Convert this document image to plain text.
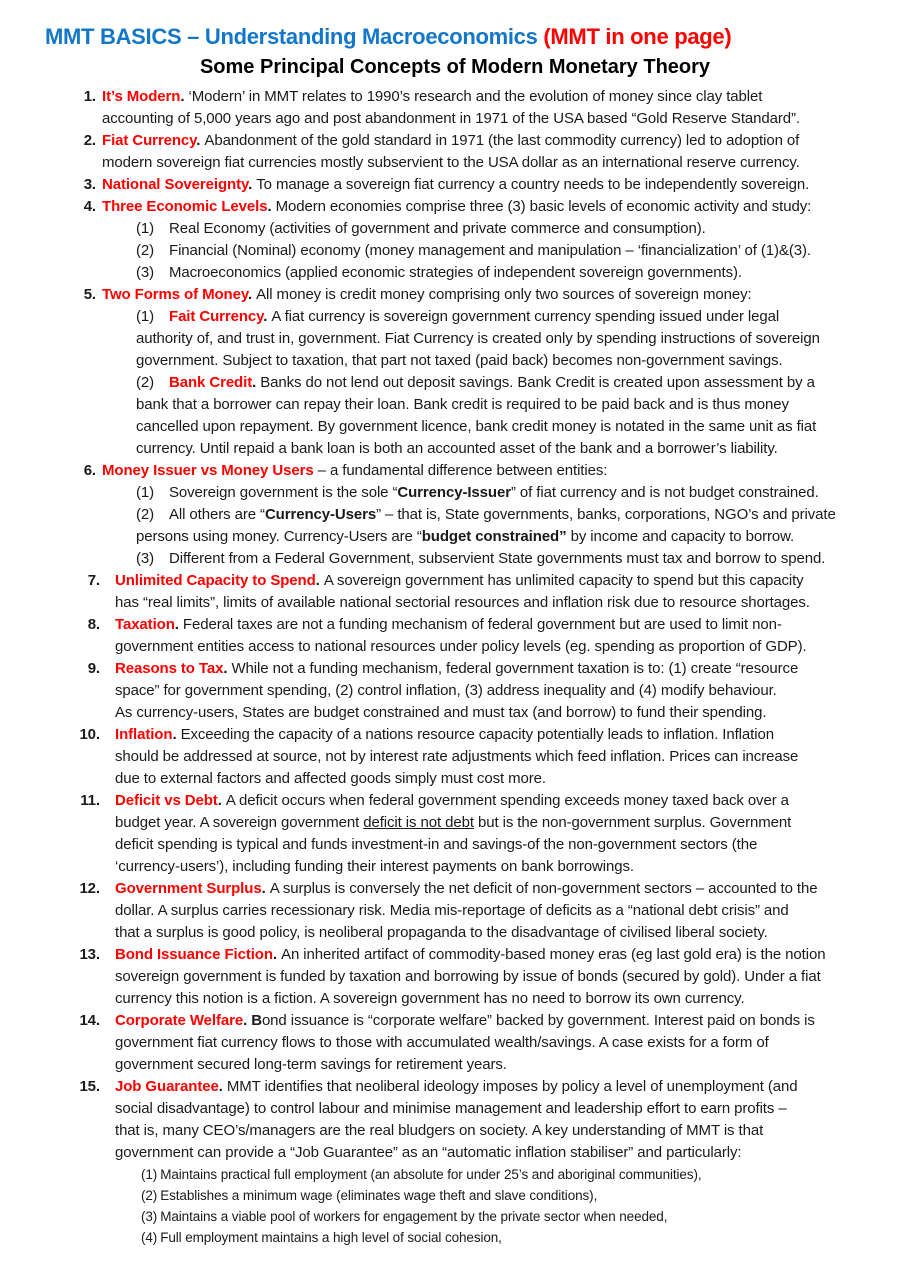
MMT BASICS – Understanding Macroeconomics (MMT in one page)
Some Principal Concepts of Modern Monetary Theory
1. It’s Modern. ‘Modern’ in MMT relates to 1990’s research and the evolution of money since clay tablet
accounting of 5,000 years ago and post abandonment in 1971 of the USA based “Gold Reserve Standard”.
2. Fiat Currency. Abandonment of the gold standard in 1971 (the last commodity currency) led to adoption of
modern sovereign fiat currencies mostly subservient to the USA dollar as an international reserve currency.
3. National Sovereignty. To manage a sovereign fiat currency a country needs to be independently sovereign.
4. Three Economic Levels. Modern economies comprise three (3) basic levels of economic activity and study:
(1) Real Economy (activities of government and private commerce and consumption).
(2) Financial (Nominal) economy (money management and manipulation – ‘financialization’ of (1)&(3).
(3) Macroeconomics (applied economic strategies of independent sovereign governments).
5. Two Forms of Money. All money is credit money comprising only two sources of sovereign money:
(1) Fait Currency. A fiat currency is sovereign government currency spending issued under legal
authority of, and trust in, government. Fiat Currency is created only by spending instructions of sovereign
government. Subject to taxation, that part not taxed (paid back) becomes non-government savings.
(2) Bank Credit. Banks do not lend out deposit savings. Bank Credit is created upon assessment by a
bank that a borrower can repay their loan. Bank credit is required to be paid back and is thus money
cancelled upon repayment. By government licence, bank credit money is notated in the same unit as fiat
currency. Until repaid a bank loan is both an accounted asset of the bank and a borrower’s liability.
6. Money Issuer vs Money Users – a fundamental difference between entities:
(1) Sovereign government is the sole “Currency-Issuer” of fiat currency and is not budget constrained.
(2) All others are “Currency-Users” – that is, State governments, banks, corporations, NGO’s and private
persons using money. Currency-Users are “budget constrained” by income and capacity to borrow.
(3) Different from a Federal Government, subservient State governments must tax and borrow to spend.
7. Unlimited Capacity to Spend. A sovereign government has unlimited capacity to spend but this capacity
has “real limits”, limits of available national sectorial resources and inflation risk due to resource shortages.
8. Taxation. Federal taxes are not a funding mechanism of federal government but are used to limit non-
government entities access to national resources under policy levels (eg. spending as proportion of GDP).
9. Reasons to Tax. While not a funding mechanism, federal government taxation is to: (1) create “resource
space” for government spending, (2) control inflation, (3) address inequality and (4) modify behaviour.
As currency-users, States are budget constrained and must tax (and borrow) to fund their spending.
10. Inflation. Exceeding the capacity of a nations resource capacity potentially leads to inflation. Inflation
should be addressed at source, not by interest rate adjustments which feed inflation. Prices can increase
due to external factors and affected goods simply must cost more.
11. Deficit vs Debt. A deficit occurs when federal government spending exceeds money taxed back over a
budget year. A sovereign government deficit is not debt but is the non-government surplus. Government
deficit spending is typical and funds investment-in and savings-of the non-government sectors (the
‘currency-users’), including funding their interest payments on bank borrowings.
12. Government Surplus. A surplus is conversely the net deficit of non-government sectors – accounted to the
dollar. A surplus carries recessionary risk. Media mis-reportage of deficits as a “national debt crisis” and
that a surplus is good policy, is neoliberal propaganda to the disadvantage of civilised liberal society.
13. Bond Issuance Fiction. An inherited artifact of commodity-based money eras (eg last gold era) is the notion
sovereign government is funded by taxation and borrowing by issue of bonds (secured by gold). Under a fiat
currency this notion is a fiction. A sovereign government has no need to borrow its own currency.
14. Corporate Welfare. Bond issuance is “corporate welfare” backed by government. Interest paid on bonds is
government fiat currency flows to those with accumulated wealth/savings. A case exists for a form of
government secured long-term savings for retirement years.
15. Job Guarantee. MMT identifies that neoliberal ideology imposes by policy a level of unemployment (and
social disadvantage) to control labour and minimise management and leadership effort to earn profits –
that is, many CEO’s/managers are the real bludgers on society. A key understanding of MMT is that
government can provide a “Job Guarantee” as an “automatic inflation stabiliser” and particularly:
(1) Maintains practical full employment (an absolute for under 25’s and aboriginal communities),
(2) Establishes a minimum wage (eliminates wage theft and slave conditions),
(3) Maintains a viable pool of workers for engagement by the private sector when needed,
(4) Full employment maintains a high level of social cohesion,
